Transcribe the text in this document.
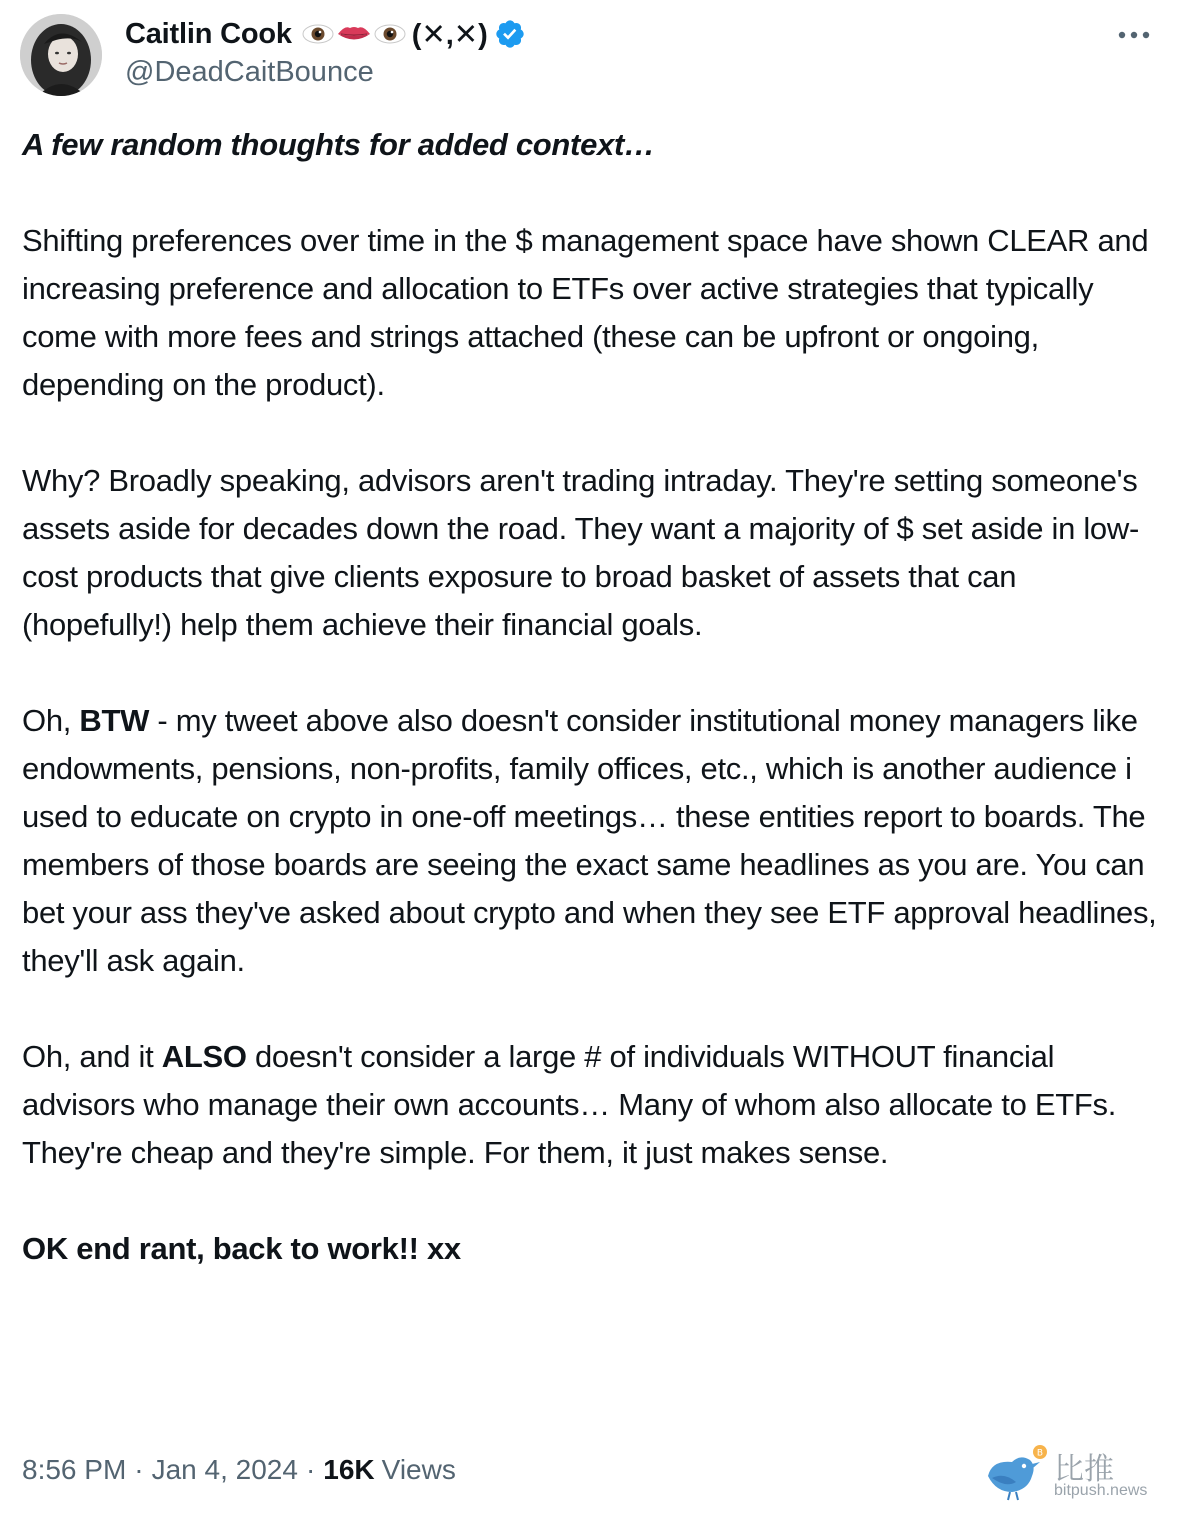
Caitlin Cook	(✕,✕)
@DeadCaitBounce

A few random thoughts for added context…

Shifting preferences over time in the $ management space have shown CLEAR and increasing preference and allocation to ETFs over active strategies that typically come with more fees and strings attached (these can be upfront or ongoing, depending on the product).

Why? Broadly speaking, advisors aren't trading intraday. They're setting someone's assets aside for decades down the road. They want a majority of $ set aside in low-cost products that give clients exposure to broad basket of assets that can (hopefully!) help them achieve their financial goals.

Oh, BTW - my tweet above also doesn't consider institutional money managers like endowments, pensions, non-profits, family offices, etc., which is another audience i used to educate on crypto in one-off meetings… these entities report to boards. The members of those boards are seeing the exact same headlines as you are. You can bet your ass they've asked about crypto and when they see ETF approval headlines, they'll ask again.

Oh, and it ALSO doesn't consider a large # of individuals WITHOUT financial advisors who manage their own accounts… Many of whom also allocate to ETFs. They're cheap and they're simple. For them, it just makes sense.

OK end rant, back to work!! xx

8:56 PM · Jan 4, 2024 · 16K Views
B 比推
bitpush.news
